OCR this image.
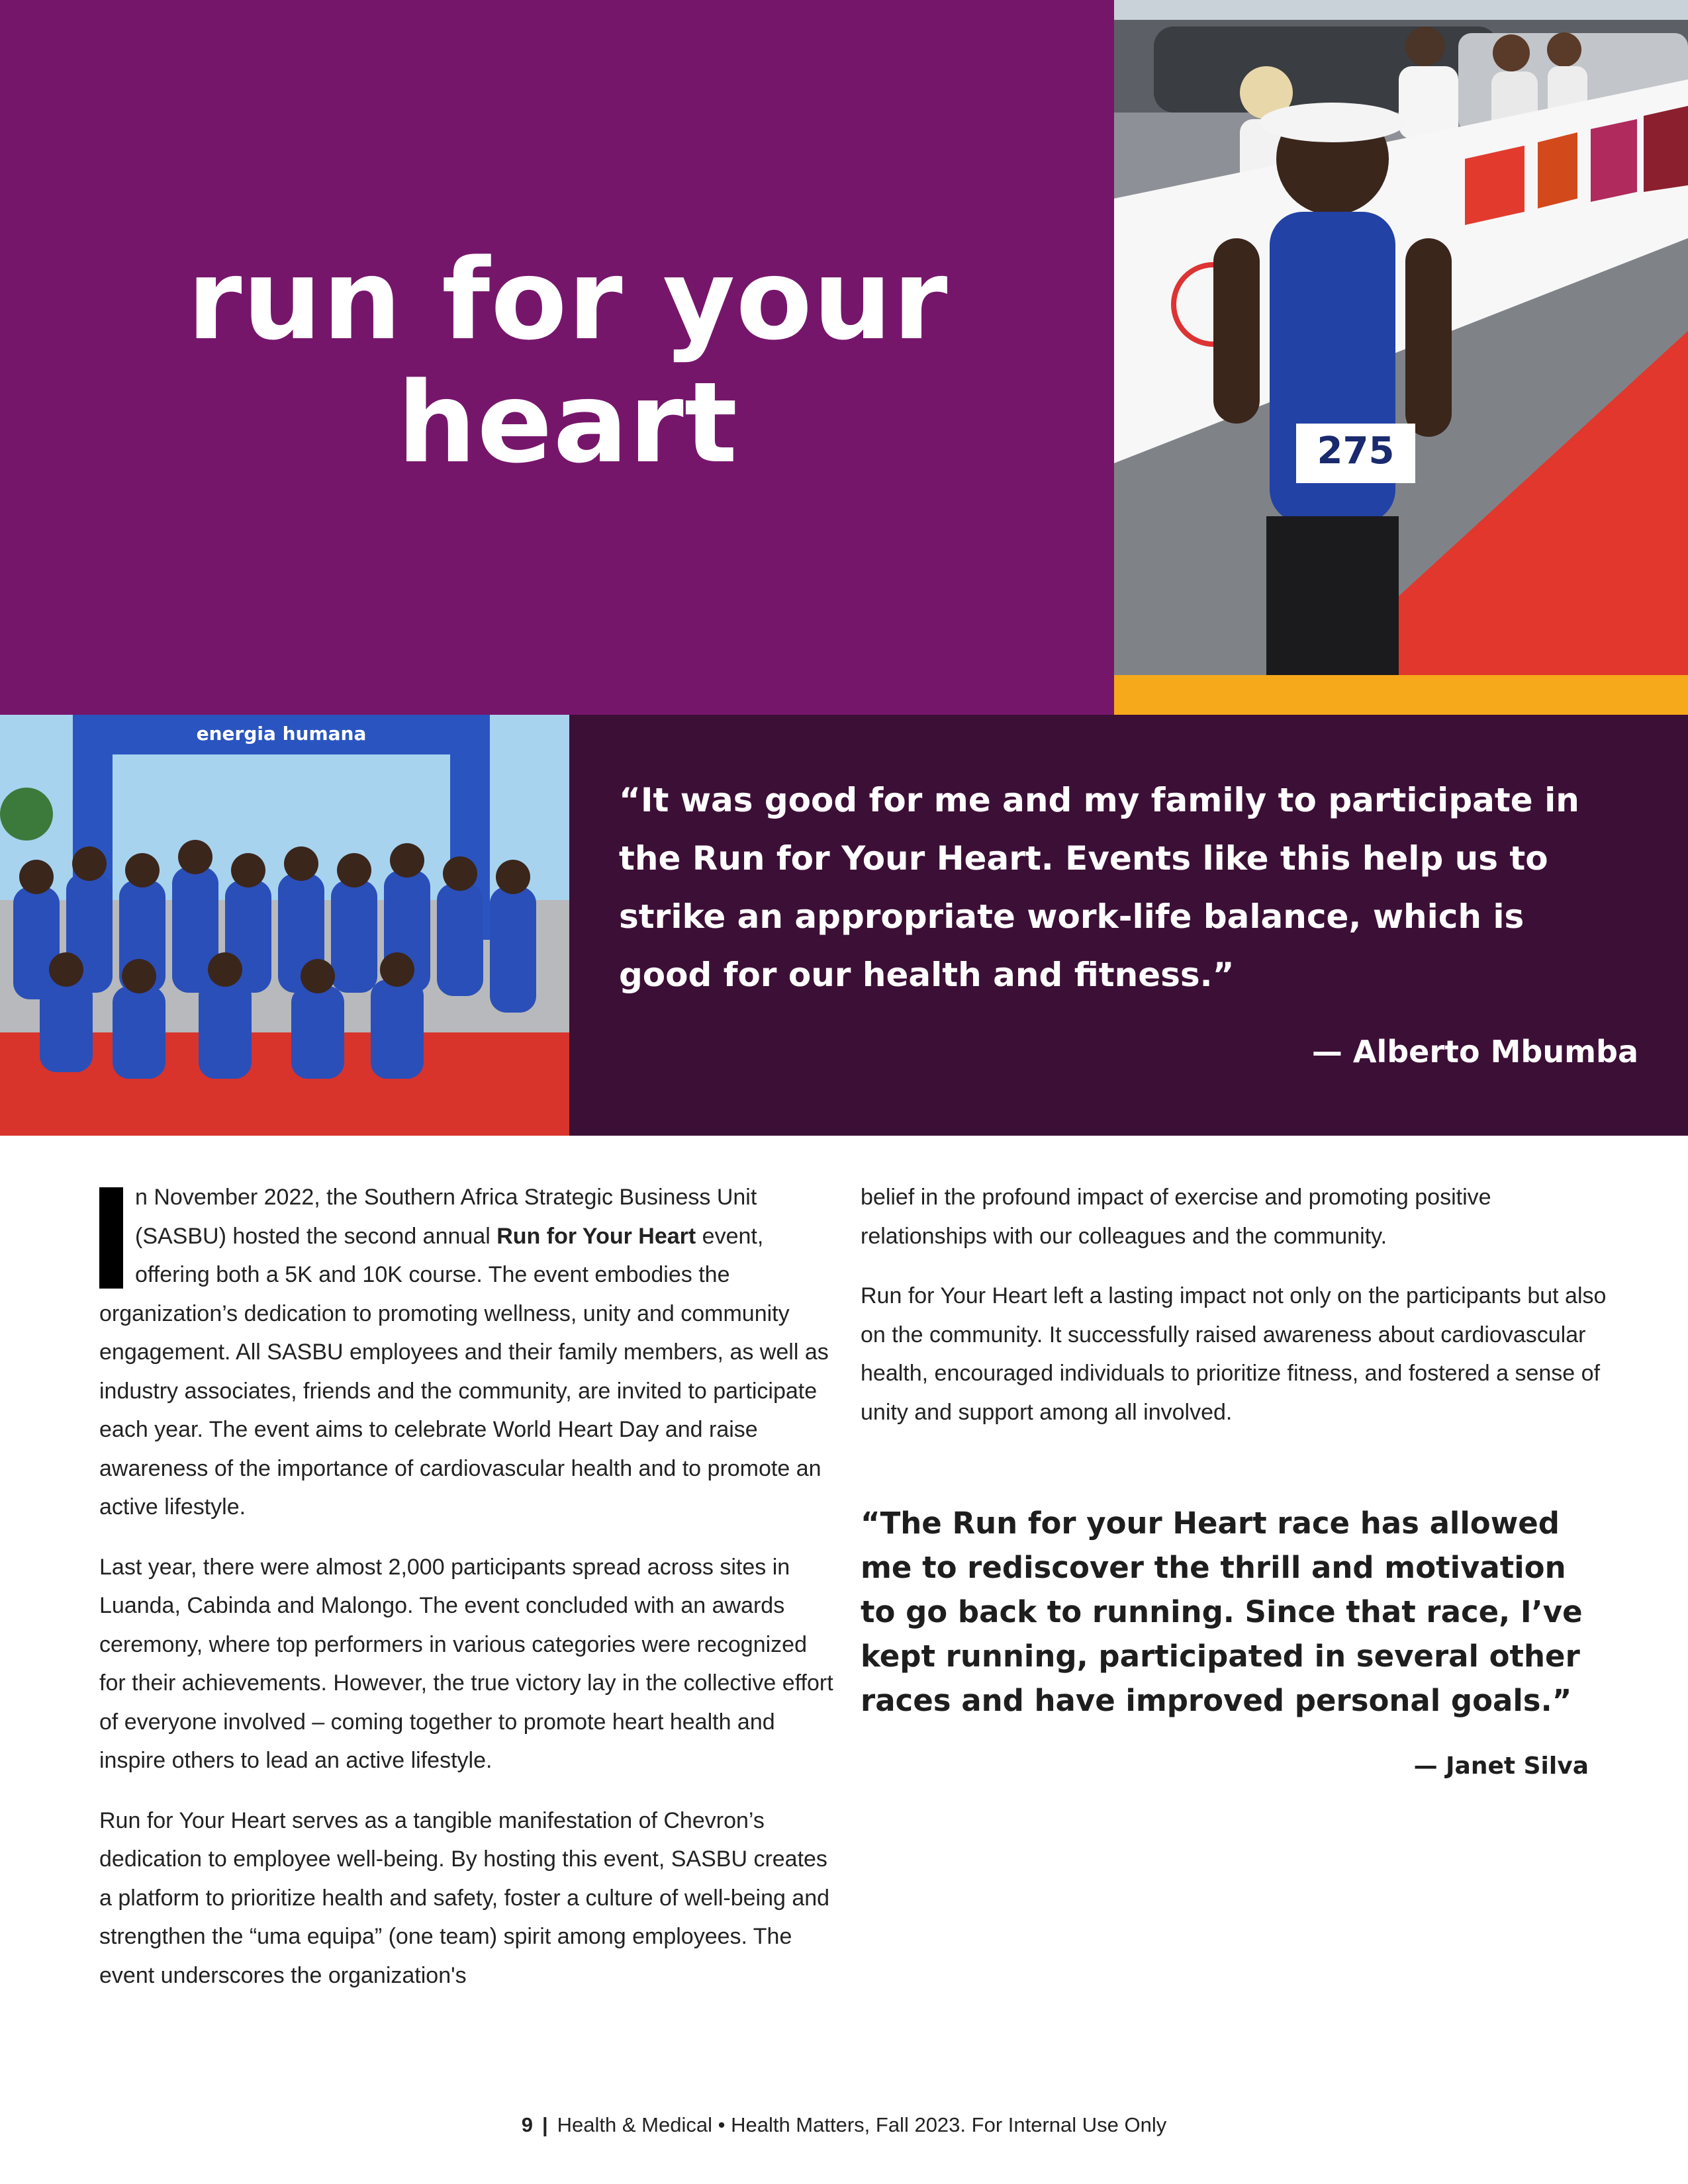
run for your
heart	275
energia humana
“It was good for me and my family to participate in the Run for Your Heart. Events like this help us to strike an appropriate work-life balance, which is good for our health and fitness.”
— Alberto Mbumba

n November 2022, the Southern Africa Strategic Business Unit (SASBU) hosted the second annual Run for Your Heart event, offering both a 5K and 10K course. The event embodies the organization’s dedication to promoting wellness, unity and community engagement. All SASBU employees and their family members, as well as industry associates, friends and the community, are invited to participate each year. The event aims to celebrate World Heart Day and raise awareness of the importance of cardiovascular health and to promote an active lifestyle.

Last year, there were almost 2,000 participants spread across sites in Luanda, Cabinda and Malongo. The event concluded with an awards ceremony, where top performers in various categories were recognized for their achievements. However, the true victory lay in the collective effort of everyone involved – coming together to promote heart health and inspire others to lead an active lifestyle.

Run for Your Heart serves as a tangible manifestation of Chevron’s dedication to employee well-being. By hosting this event, SASBU creates a platform to prioritize health and safety, foster a culture of well-being and strengthen the “uma equipa” (one team) spirit among employees. The event underscores the organization's

belief in the profound impact of exercise and promoting positive relationships with our colleagues and the community.

Run for Your Heart left a lasting impact not only on the participants but also on the community. It successfully raised awareness about cardiovascular health, encouraged individuals to prioritize fitness, and fostered a sense of unity and support among all involved.

“The Run for your Heart race has allowed me to rediscover the thrill and motivation to go back to running. Since that race, I’ve kept running, participated in several other races and have improved personal goals.”
— Janet Silva
9 | Health & Medical • Health Matters, Fall 2023. For Internal Use Only
